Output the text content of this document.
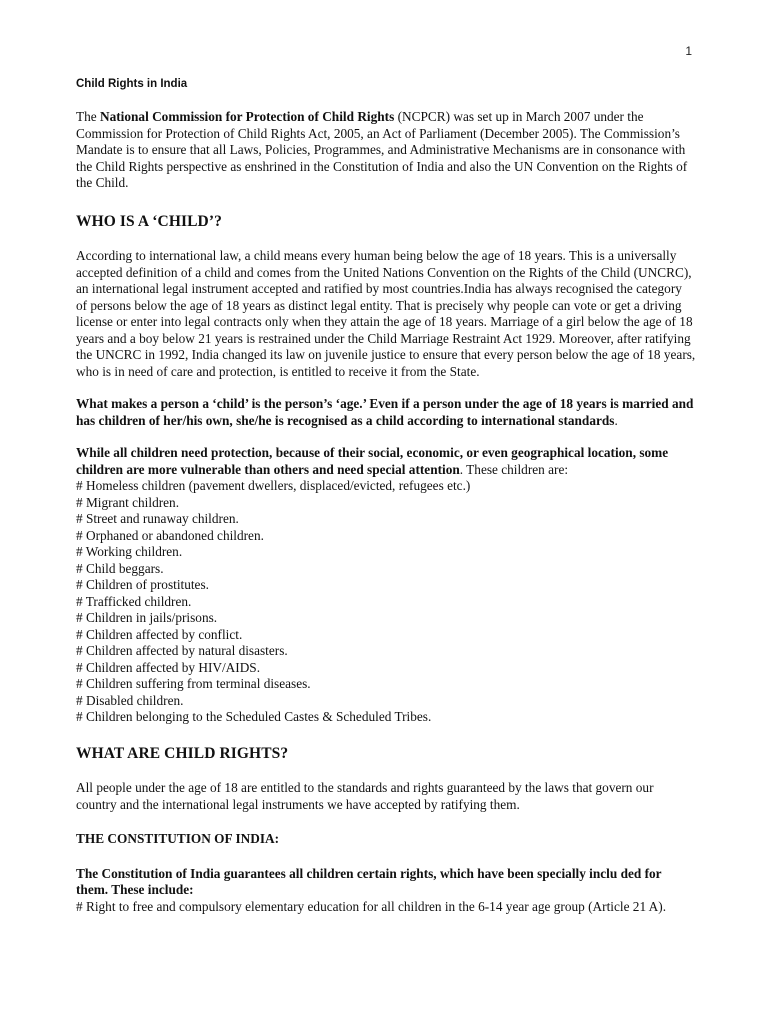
1
Child Rights in India

The National Commission for Protection of Child Rights (NCPCR) was set up in March 2007 under the Commission for Protection of Child Rights Act, 2005, an Act of Parliament (December 2005). The Commission’s Mandate is to ensure that all Laws, Policies, Programmes, and Administrative Mechanisms are in consonance with the Child Rights perspective as enshrined in the Constitution of India and also the UN Convention on the Rights of the Child.

WHO IS A ‘CHILD’?

According to international law, a child means every human being below the age of 18 years. This is a universally accepted definition of a child and comes from the United Nations Convention on the Rights of the Child (UNCRC), an international legal instrument accepted and ratified by most countries.India has always recognised the category of persons below the age of 18 years as distinct legal entity. That is precisely why people can vote or get a driving license or enter into legal contracts only when they attain the age of 18 years. Marriage of a girl below the age of 18 years and a boy below 21 years is restrained under the Child Marriage Restraint Act 1929. Moreover, after ratifying the UNCRC in 1992, India changed its law on juvenile justice to ensure that every person below the age of 18 years, who is in need of care and protection, is entitled to receive it from the State.

What makes a person a ‘child’ is the person’s ‘age.’ Even if a person under the age of 18 years is married and has children of her/his own, she/he is recognised as a child according to international standards.

While all children need protection, because of their social, economic, or even geographical location, some children are more vulnerable than others and need special attention. These children are:

# Homeless children (pavement dwellers, displaced/evicted, refugees etc.)
# Migrant children.
# Street and runaway children.
# Orphaned or abandoned children.
# Working children.
# Child beggars.
# Children of prostitutes.
# Trafficked children.
# Children in jails/prisons.
# Children affected by conflict.
# Children affected by natural disasters.
# Children affected by HIV/AIDS.
# Children suffering from terminal diseases.
# Disabled children.
# Children belonging to the Scheduled Castes & Scheduled Tribes.
WHAT ARE CHILD RIGHTS?

All people under the age of 18 are entitled to the standards and rights guaranteed by the laws that govern our country and the international legal instruments we have accepted by ratifying them.

THE CONSTITUTION OF INDIA:

The Constitution of India guarantees all children certain rights, which have been specially inclu ded for them. These include:

# Right to free and compulsory elementary education for all children in the 6-14 year age group (Article 21 A).
